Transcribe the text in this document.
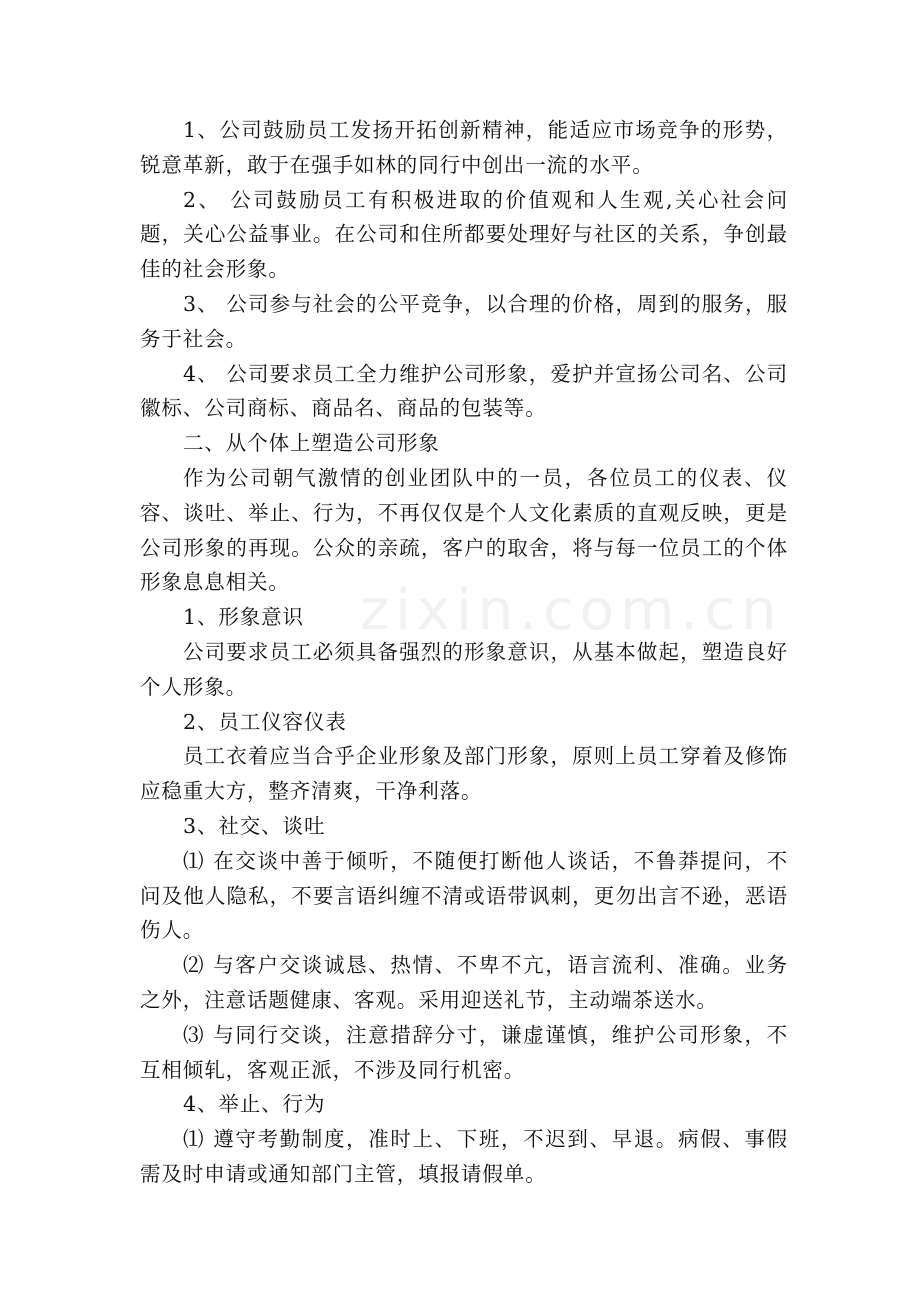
zixin.com.cn

1、公司鼓励员工发扬开拓创新精神，能适应市场竞争的形势，锐意革新，敢于在强手如林的同行中创出一流的水平。

2、 公司鼓励员工有积极进取的价值观和人生观,关心社会问题，关心公益事业。在公司和住所都要处理好与社区的关系，争创最佳的社会形象。

3、 公司参与社会的公平竞争，以合理的价格，周到的服务，服务于社会。

4、 公司要求员工全力维护公司形象，爱护并宣扬公司名、公司徽标、公司商标、商品名、商品的包装等。

二、从个体上塑造公司形象

作为公司朝气激情的创业团队中的一员，各位员工的仪表、仪容、谈吐、举止、行为，不再仅仅是个人文化素质的直观反映，更是公司形象的再现。公众的亲疏，客户的取舍，将与每一位员工的个体形象息息相关。

1、形象意识

公司要求员工必须具备强烈的形象意识，从基本做起，塑造良好个人形象。

2、员工仪容仪表

员工衣着应当合乎企业形象及部门形象，原则上员工穿着及修饰应稳重大方，整齐清爽，干净利落。

3、社交、谈吐

⑴ 在交谈中善于倾听，不随便打断他人谈话，不鲁莽提问，不问及他人隐私，不要言语纠缠不清或语带讽刺，更勿出言不逊，恶语伤人。

⑵ 与客户交谈诚恳、热情、不卑不亢，语言流利、准确。业务之外，注意话题健康、客观。采用迎送礼节，主动端茶送水。

⑶ 与同行交谈，注意措辞分寸，谦虚谨慎，维护公司形象，不互相倾轧，客观正派，不涉及同行机密。

4、举止、行为

⑴ 遵守考勤制度，准时上、下班，不迟到、早退。病假、事假需及时申请或通知部门主管，填报请假单。
